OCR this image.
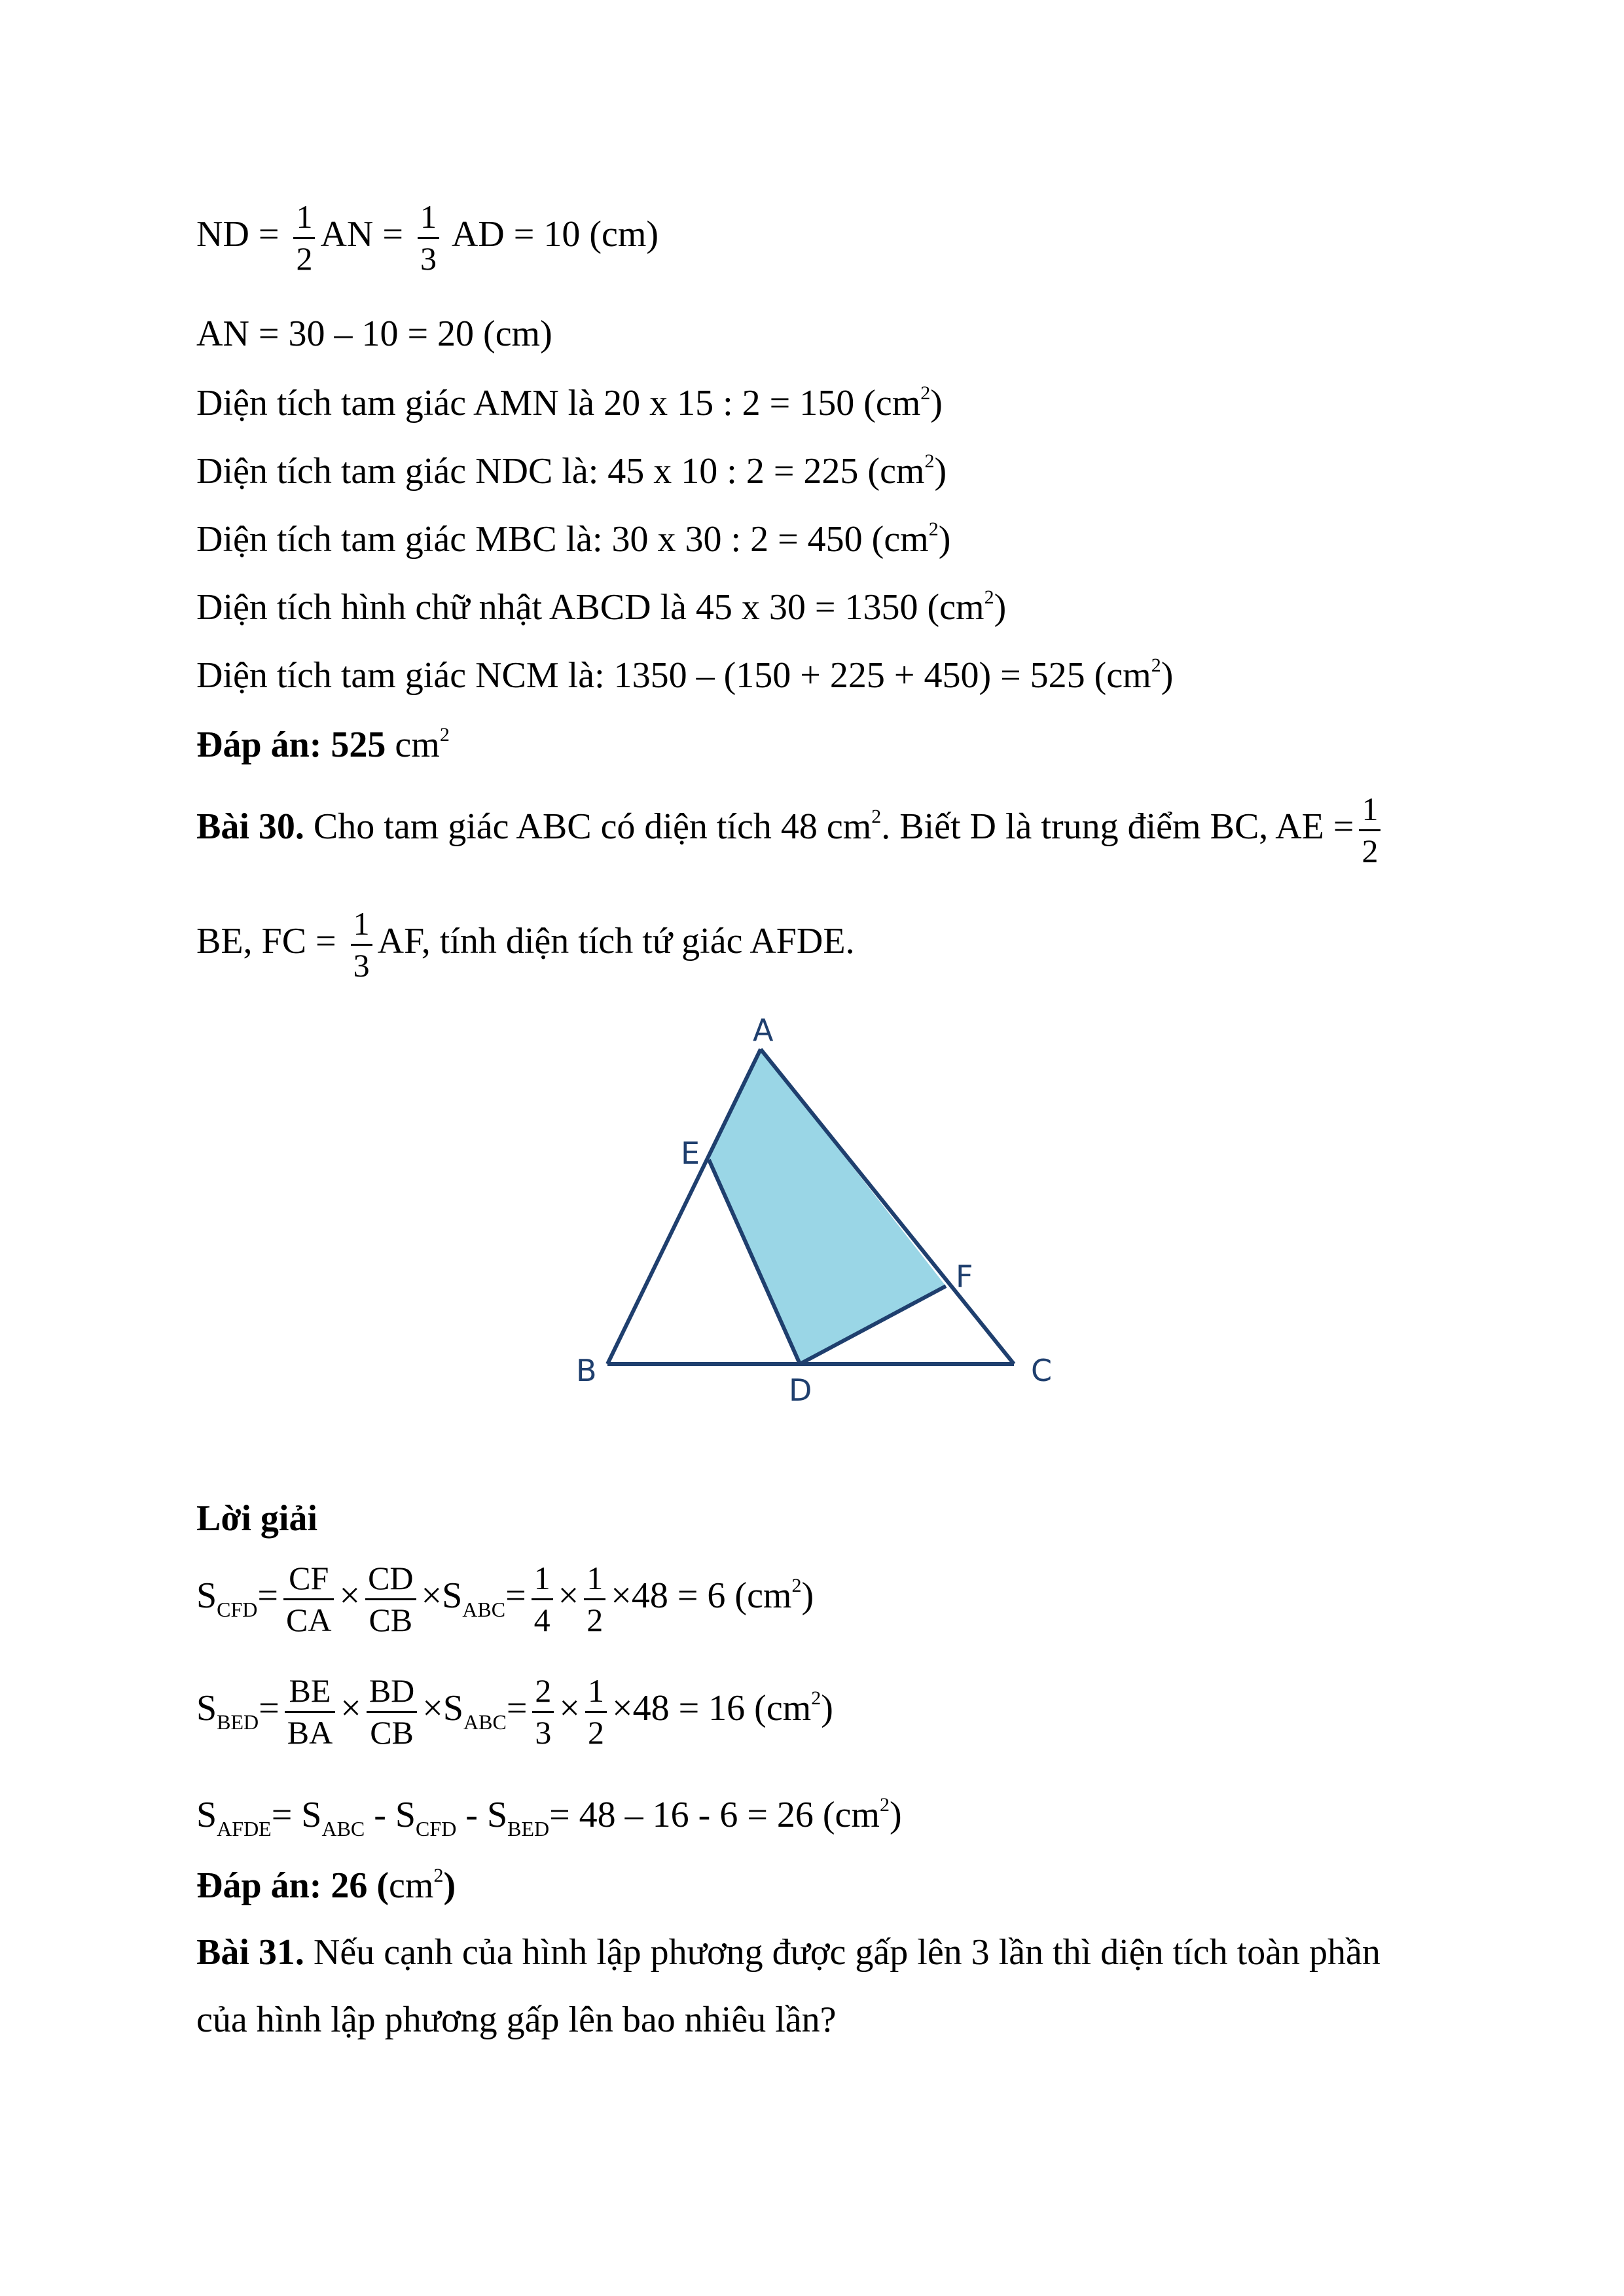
ND = $\frac{1}{2}$ AN = $\frac{1}{3}$ AD = 10 (cm)
AN = 30 – 10 = 20 (cm)
Diện tích tam giác AMN là 20 x 15 : 2 = 150 $(cm^2)$
Diện tích tam giác NDC là: 45 x 10 : 2 = 225 $(cm^2)$
Diện tích tam giác MBC là: 30 x 30 : 2 = 450 $(cm^2)$
Diện tích hình chữ nhật ABCD là 45 x 30 = 1350 $(cm^2)$
Diện tích tam giác NCM là: 1350 – (150 + 225 + 450) = 525 $(cm^2)$
Đáp án: 525 $cm^2$
Bài 30. Cho tam giác ABC có diện tích 48 $cm^2$. Biết D là trung điểm BC, AE = $\frac{1}{2}$
BE, FC = $\frac{1}{3}$ AF, tính diện tích tứ giác AFDE.
A
E
F
B
D
C
Lời giải
$S_{CFD}= \frac{CF}{CA} \times \frac{CD}{CB} \times S_{ABC}= \frac{1}{4} \times \frac{1}{2} \times 48 = 6$ $(cm^2)$
$S_{BED}= \frac{BE}{BA} \times \frac{BD}{CB} \times S_{ABC}= \frac{2}{3} \times \frac{1}{2} \times 48 = 16$ $(cm^2)$
$S_{AFDE}= S_{ABC} - S_{CFD} - S_{BED}= 48 - 16 - 6 = 26$ $(cm^2)$
Đáp án: 26 $(cm^2)$
Bài 31. Nếu cạnh của hình lập phương được gấp lên 3 lần thì diện tích toàn phần
của hình lập phương gấp lên bao nhiêu lần?
